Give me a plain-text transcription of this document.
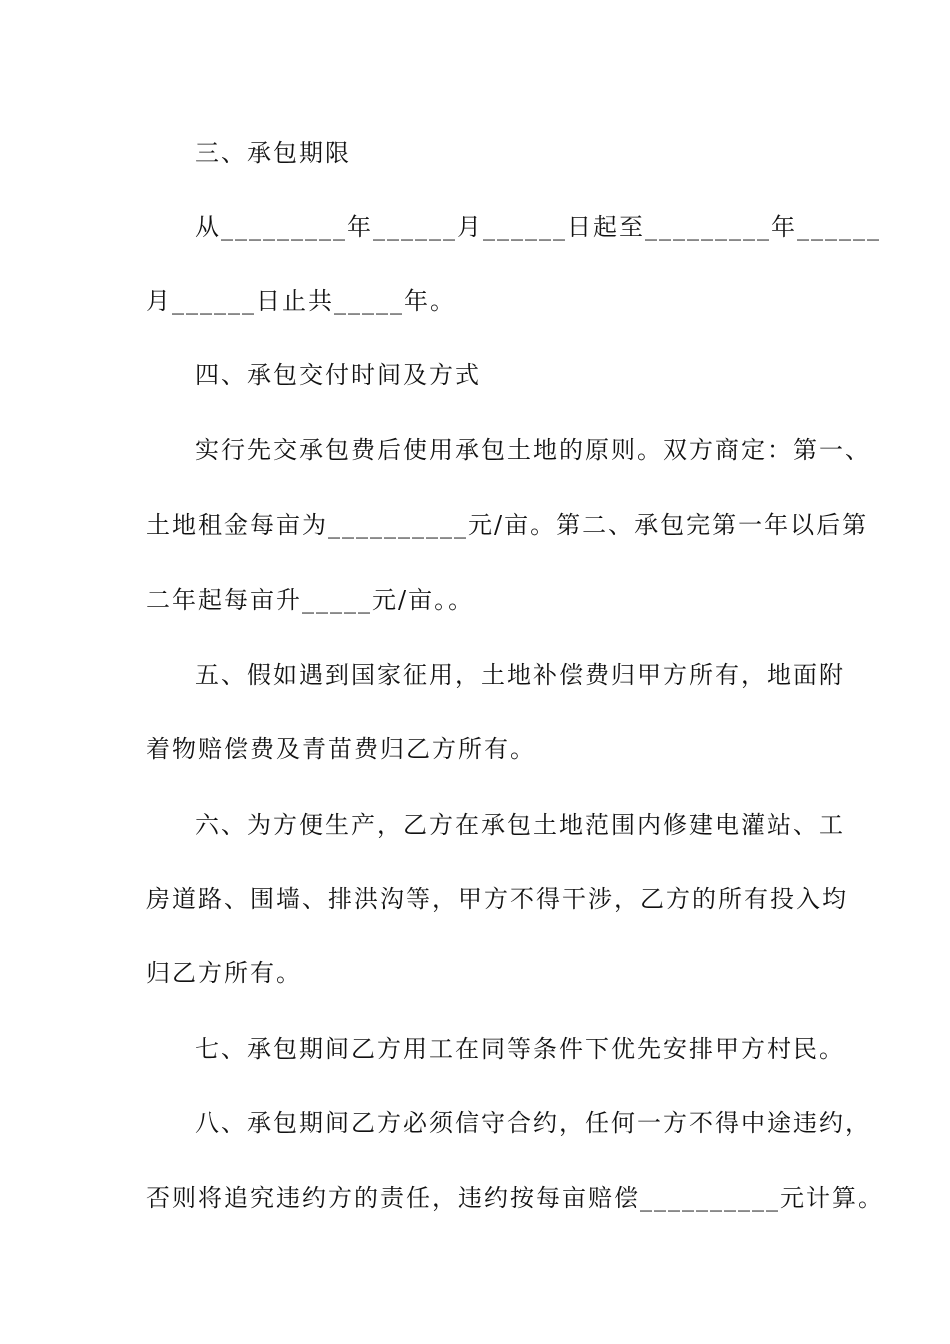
三、承包期限
从_________年______月______日起至_________年______
月______日止共_____年。
四、承包交付时间及方式
实行先交承包费后使用承包土地的原则。双方商定：第一、
土地租金每亩为__________元/亩。第二、承包完第一年以后第
二年起每亩升_____元/亩。。
五、假如遇到国家征用，土地补偿费归甲方所有，地面附
着物赔偿费及青苗费归乙方所有。
六、为方便生产，乙方在承包土地范围内修建电灌站、工
房道路、围墙、排洪沟等，甲方不得干涉，乙方的所有投入均
归乙方所有。
七、承包期间乙方用工在同等条件下优先安排甲方村民。
八、承包期间乙方必须信守合约，任何一方不得中途违约，
否则将追究违约方的责任，违约按每亩赔偿__________元计算。
